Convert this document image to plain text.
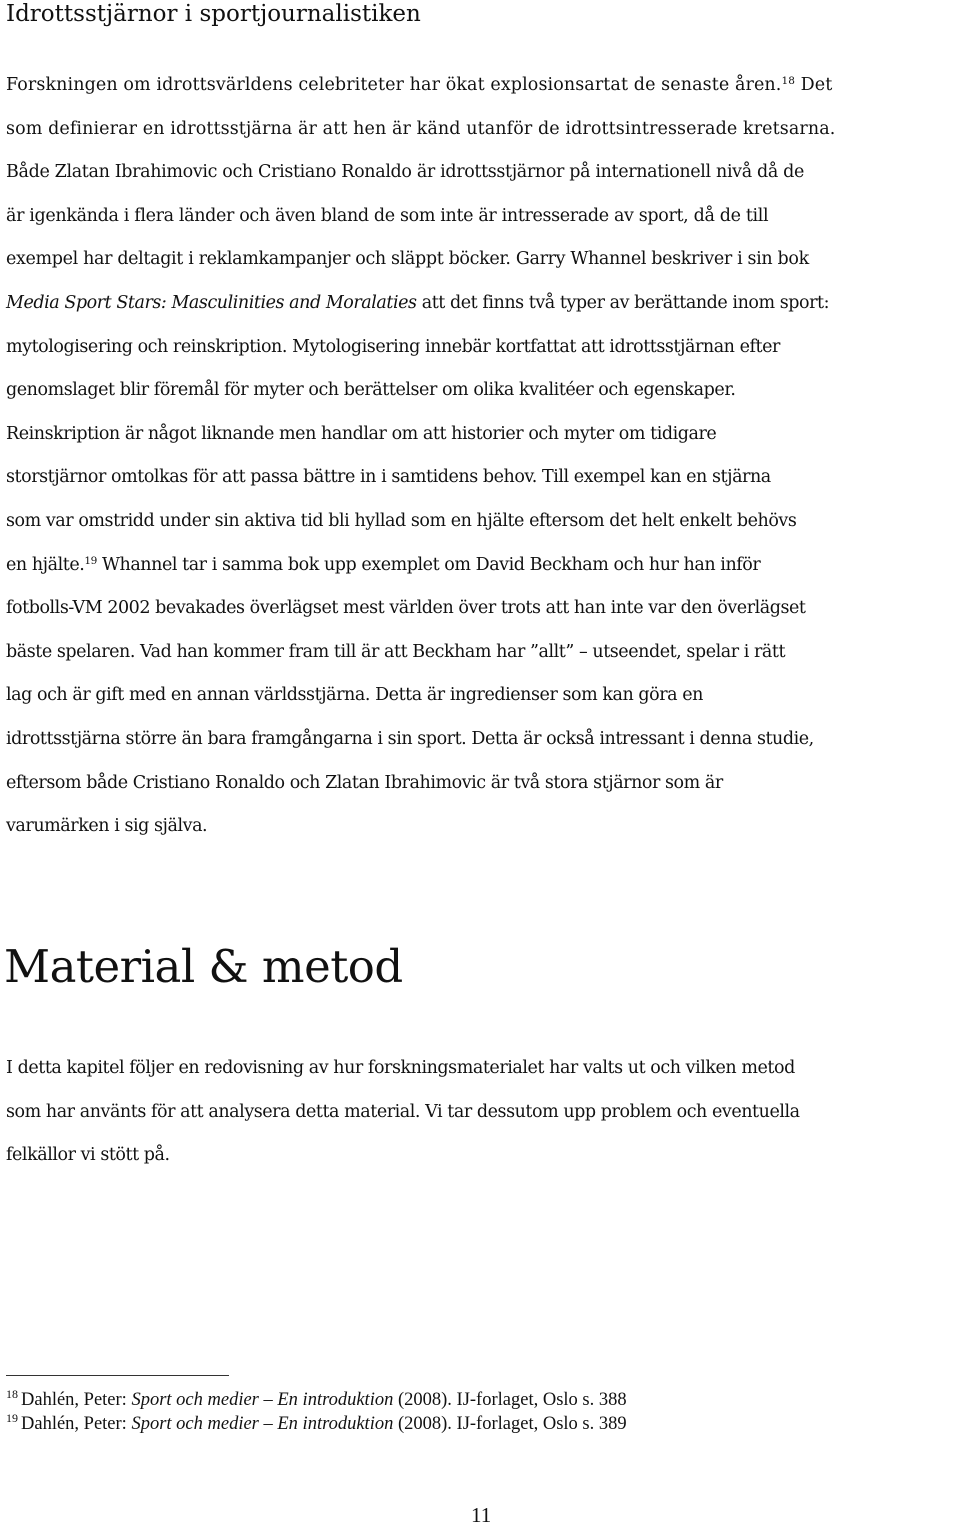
Idrottsstjärnor i sportjournalistiken
Forskningen om idrottsvärldens celebriteter har ökat explosionsartat de senaste åren.$^{18}$ Det
som definierar en idrottsstjärna är att hen är känd utanför de idrottsintresserade kretsarna.
Både Zlatan Ibrahimovic och Cristiano Ronaldo är idrottsstjärnor på internationell nivå då de
är igenkända i flera länder och även bland de som inte är intresserade av sport, då de till
exempel har deltagit i reklamkampanjer och släppt böcker. Garry Whannel beskriver i sin bok
Media Sport Stars: Masculinities and Moralaties att det finns två typer av berättande inom sport:
mytologisering och reinskription. Mytologisering innebär kortfattat att idrottsstjärnan efter
genomslaget blir föremål för myter och berättelser om olika kvalitéer och egenskaper.
Reinskription är något liknande men handlar om att historier och myter om tidigare
storstjärnor omtolkas för att passa bättre in i samtidens behov. Till exempel kan en stjärna
som var omstridd under sin aktiva tid bli hyllad som en hjälte eftersom det helt enkelt behövs
en hjälte.$^{19}$ Whannel tar i samma bok upp exemplet om David Beckham och hur han inför
fotbolls-VM 2002 bevakades överlägset mest världen över trots att han inte var den överlägset
bäste spelaren. Vad han kommer fram till är att Beckham har ”allt” – utseendet, spelar i rätt
lag och är gift med en annan världsstjärna. Detta är ingredienser som kan göra en
idrottsstjärna större än bara framgångarna i sin sport. Detta är också intressant i denna studie,
eftersom både Cristiano Ronaldo och Zlatan Ibrahimovic är två stora stjärnor som är
varumärken i sig själva.
Material & metod
I detta kapitel följer en redovisning av hur forskningsmaterialet har valts ut och vilken metod
som har använts för att analysera detta material. Vi tar dessutom upp problem och eventuella
felkällor vi stött på.
$^{18}$ Dahlén, Peter: Sport och medier – En introduktion (2008). IJ-forlaget, Oslo s. 388
$^{19}$ Dahlén, Peter: Sport och medier – En introduktion (2008). IJ-forlaget, Oslo s. 389
11
